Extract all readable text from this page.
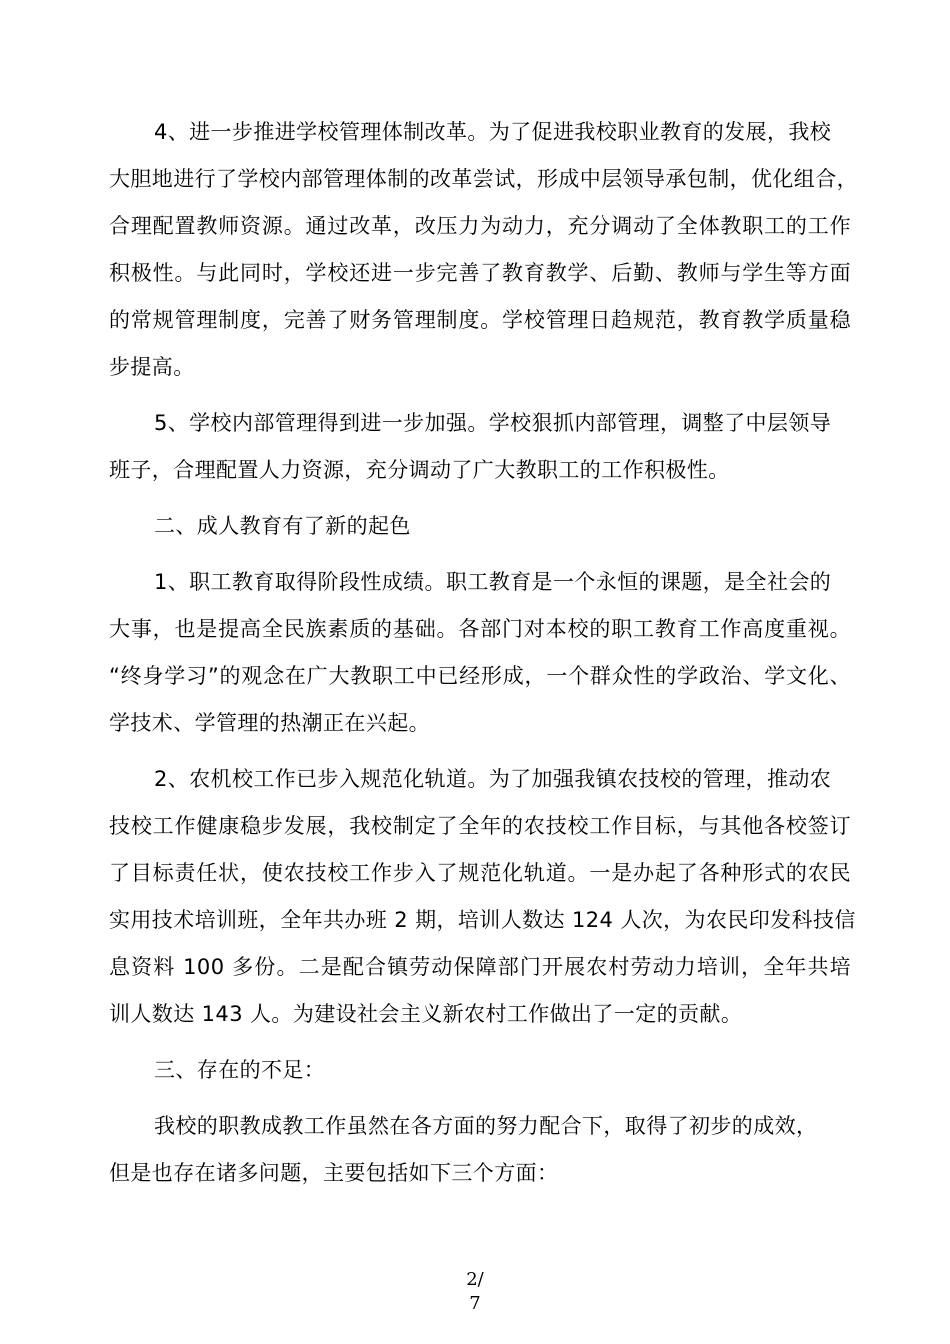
4、进一步推进学校管理体制改革。为了促进我校职业教育的发展，我校
大胆地进行了学校内部管理体制的改革尝试，形成中层领导承包制，优化组合，
合理配置教师资源。通过改革，改压力为动力，充分调动了全体教职工的工作
积极性。与此同时，学校还进一步完善了教育教学、后勤、教师与学生等方面
的常规管理制度，完善了财务管理制度。学校管理日趋规范，教育教学质量稳
步提高。
5、学校内部管理得到进一步加强。学校狠抓内部管理，调整了中层领导
班子，合理配置人力资源，充分调动了广大教职工的工作积极性。
二、成人教育有了新的起色
1、职工教育取得阶段性成绩。职工教育是一个永恒的课题，是全社会的
大事，也是提高全民族素质的基础。各部门对本校的职工教育工作高度重视。
“终身学习”的观念在广大教职工中已经形成，一个群众性的学政治、学文化、
学技术、学管理的热潮正在兴起。
2、农机校工作已步入规范化轨道。为了加强我镇农技校的管理，推动农
技校工作健康稳步发展，我校制定了全年的农技校工作目标，与其他各校签订
了目标责任状，使农技校工作步入了规范化轨道。一是办起了各种形式的农民
实用技术培训班，全年共办班 2 期，培训人数达 124 人次，为农民印发科技信
息资料 100 多份。二是配合镇劳动保障部门开展农村劳动力培训，全年共培
训人数达 143 人。为建设社会主义新农村工作做出了一定的贡献。
三、存在的不足：
我校的职教成教工作虽然在各方面的努力配合下，取得了初步的成效，
但是也存在诸多问题，主要包括如下三个方面：
2/
7
